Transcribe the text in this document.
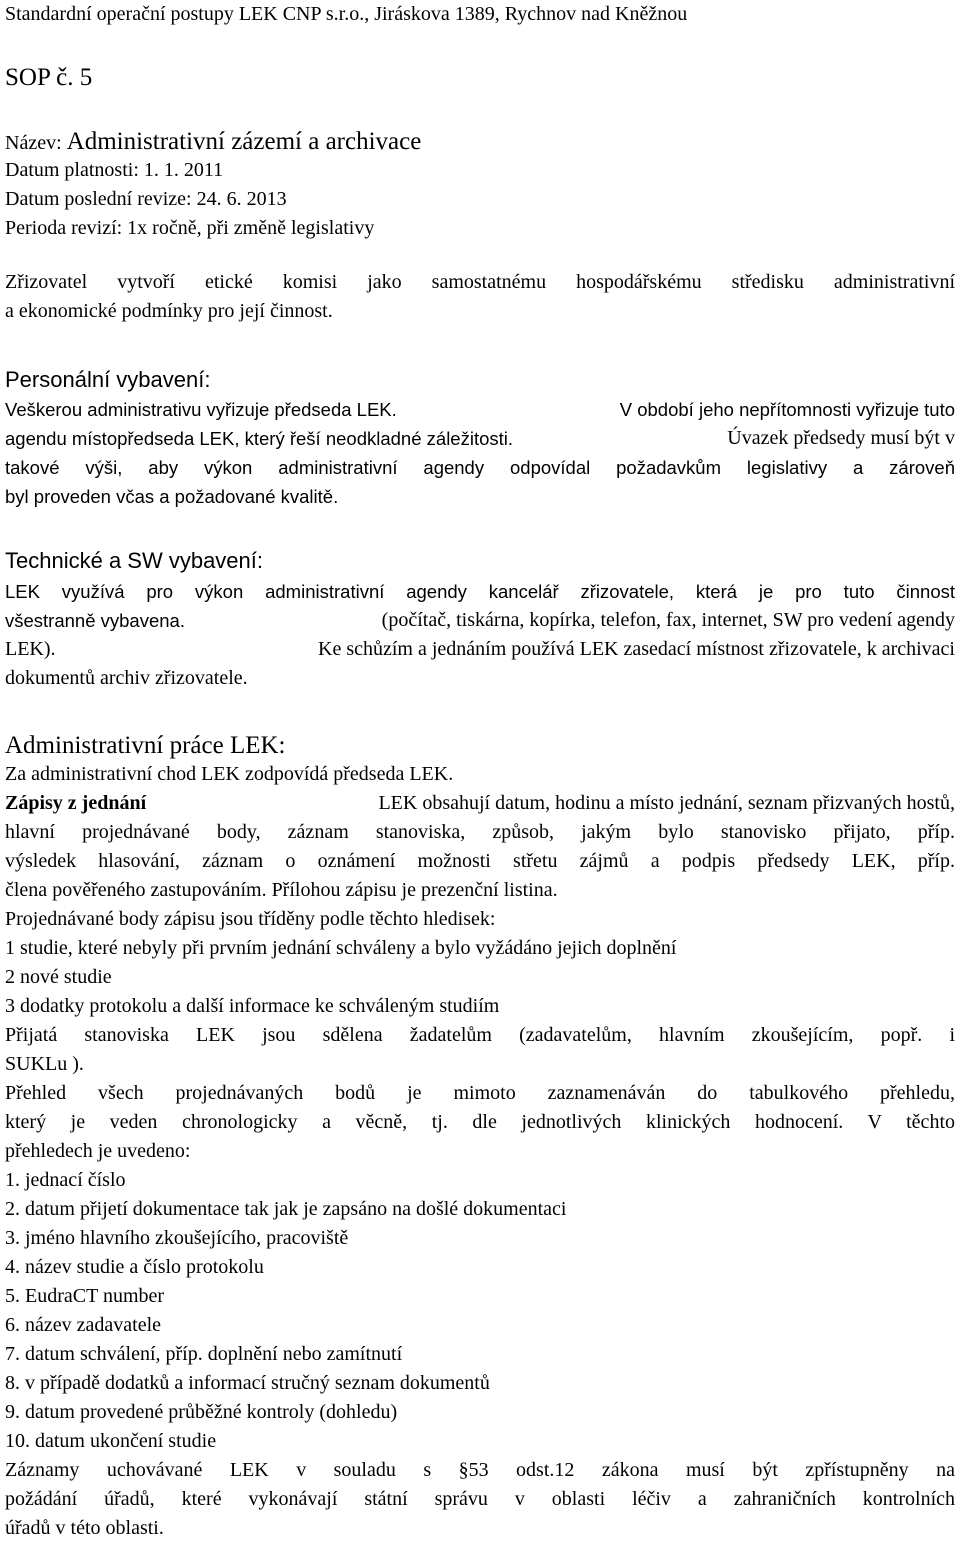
Standardní operační postupy LEK CNP s.r.o., Jiráskova 1389, Rychnov nad Kněžnou
SOP č. 5
Název: Administrativní zázemí a archivace
Datum platnosti: 1. 1. 2011
Datum poslední revize: 24. 6. 2013
Perioda revizí: 1x ročně, při změně legislativy
Zřizovatel vytvoří etické komisi jako samostatnému hospodářskému středisku administrativní
a ekonomické podmínky pro její činnost.
Personální vybavení:
Veškerou administrativu vyřizuje předseda LEK.	V období jeho nepřítomnosti vyřizuje tuto
agendu místopředseda LEK, který řeší neodkladné záležitosti.	Úvazek předsedy musí být v
takové výši, aby výkon administrativní agendy odpovídal požadavkům legislativy a zároveň
byl proveden včas a požadované kvalitě.
Technické a SW vybavení:
LEK využívá pro výkon administrativní agendy kancelář zřizovatele, která je pro tuto činnost
všestranně vybavena.	(počítač, tiskárna, kopírka, telefon, fax, internet, SW pro vedení agendy
LEK).	Ke schůzím a jednáním používá LEK zasedací místnost zřizovatele, k archivaci
dokumentů archiv zřizovatele.
Administrativní práce LEK:
Za administrativní chod LEK zodpovídá předseda LEK.
Zápisy z jednání	LEK obsahují datum, hodinu a místo jednání, seznam přizvaných hostů,
hlavní projednávané body, záznam stanoviska, způsob, jakým bylo stanovisko přijato, příp.
výsledek hlasování, záznam o oznámení možnosti střetu zájmů a podpis předsedy LEK, příp.
člena pověřeného zastupováním. Přílohou zápisu je prezenční listina.
Projednávané body zápisu jsou tříděny podle těchto hledisek:
1 studie, které nebyly při prvním jednání schváleny a bylo vyžádáno jejich doplnění
2 nové studie
3 dodatky protokolu a další informace ke schváleným studiím
Přijatá stanoviska LEK jsou sdělena žadatelům (zadavatelům, hlavním zkoušejícím, popř. i
SUKLu ).
Přehled všech projednávaných bodů je mimoto zaznamenáván do tabulkového přehledu,
který je veden chronologicky a věcně, tj. dle jednotlivých klinických hodnocení. V těchto
přehledech je uvedeno:
1. jednací číslo
2. datum přijetí dokumentace tak jak je zapsáno na došlé dokumentaci
3. jméno hlavního zkoušejícího, pracoviště
4. název studie a číslo protokolu
5. EudraCT number
6. název zadavatele
7. datum schválení, příp. doplnění nebo zamítnutí
8. v případě dodatků a informací stručný seznam dokumentů
9. datum provedené průběžné kontroly (dohledu)
10. datum ukončení studie
Záznamy uchovávané LEK v souladu s §53 odst.12 zákona musí být zpřístupněny na
požádání úřadů, které vykonávají státní správu v oblasti léčiv a zahraničních kontrolních
úřadů v této oblasti.
